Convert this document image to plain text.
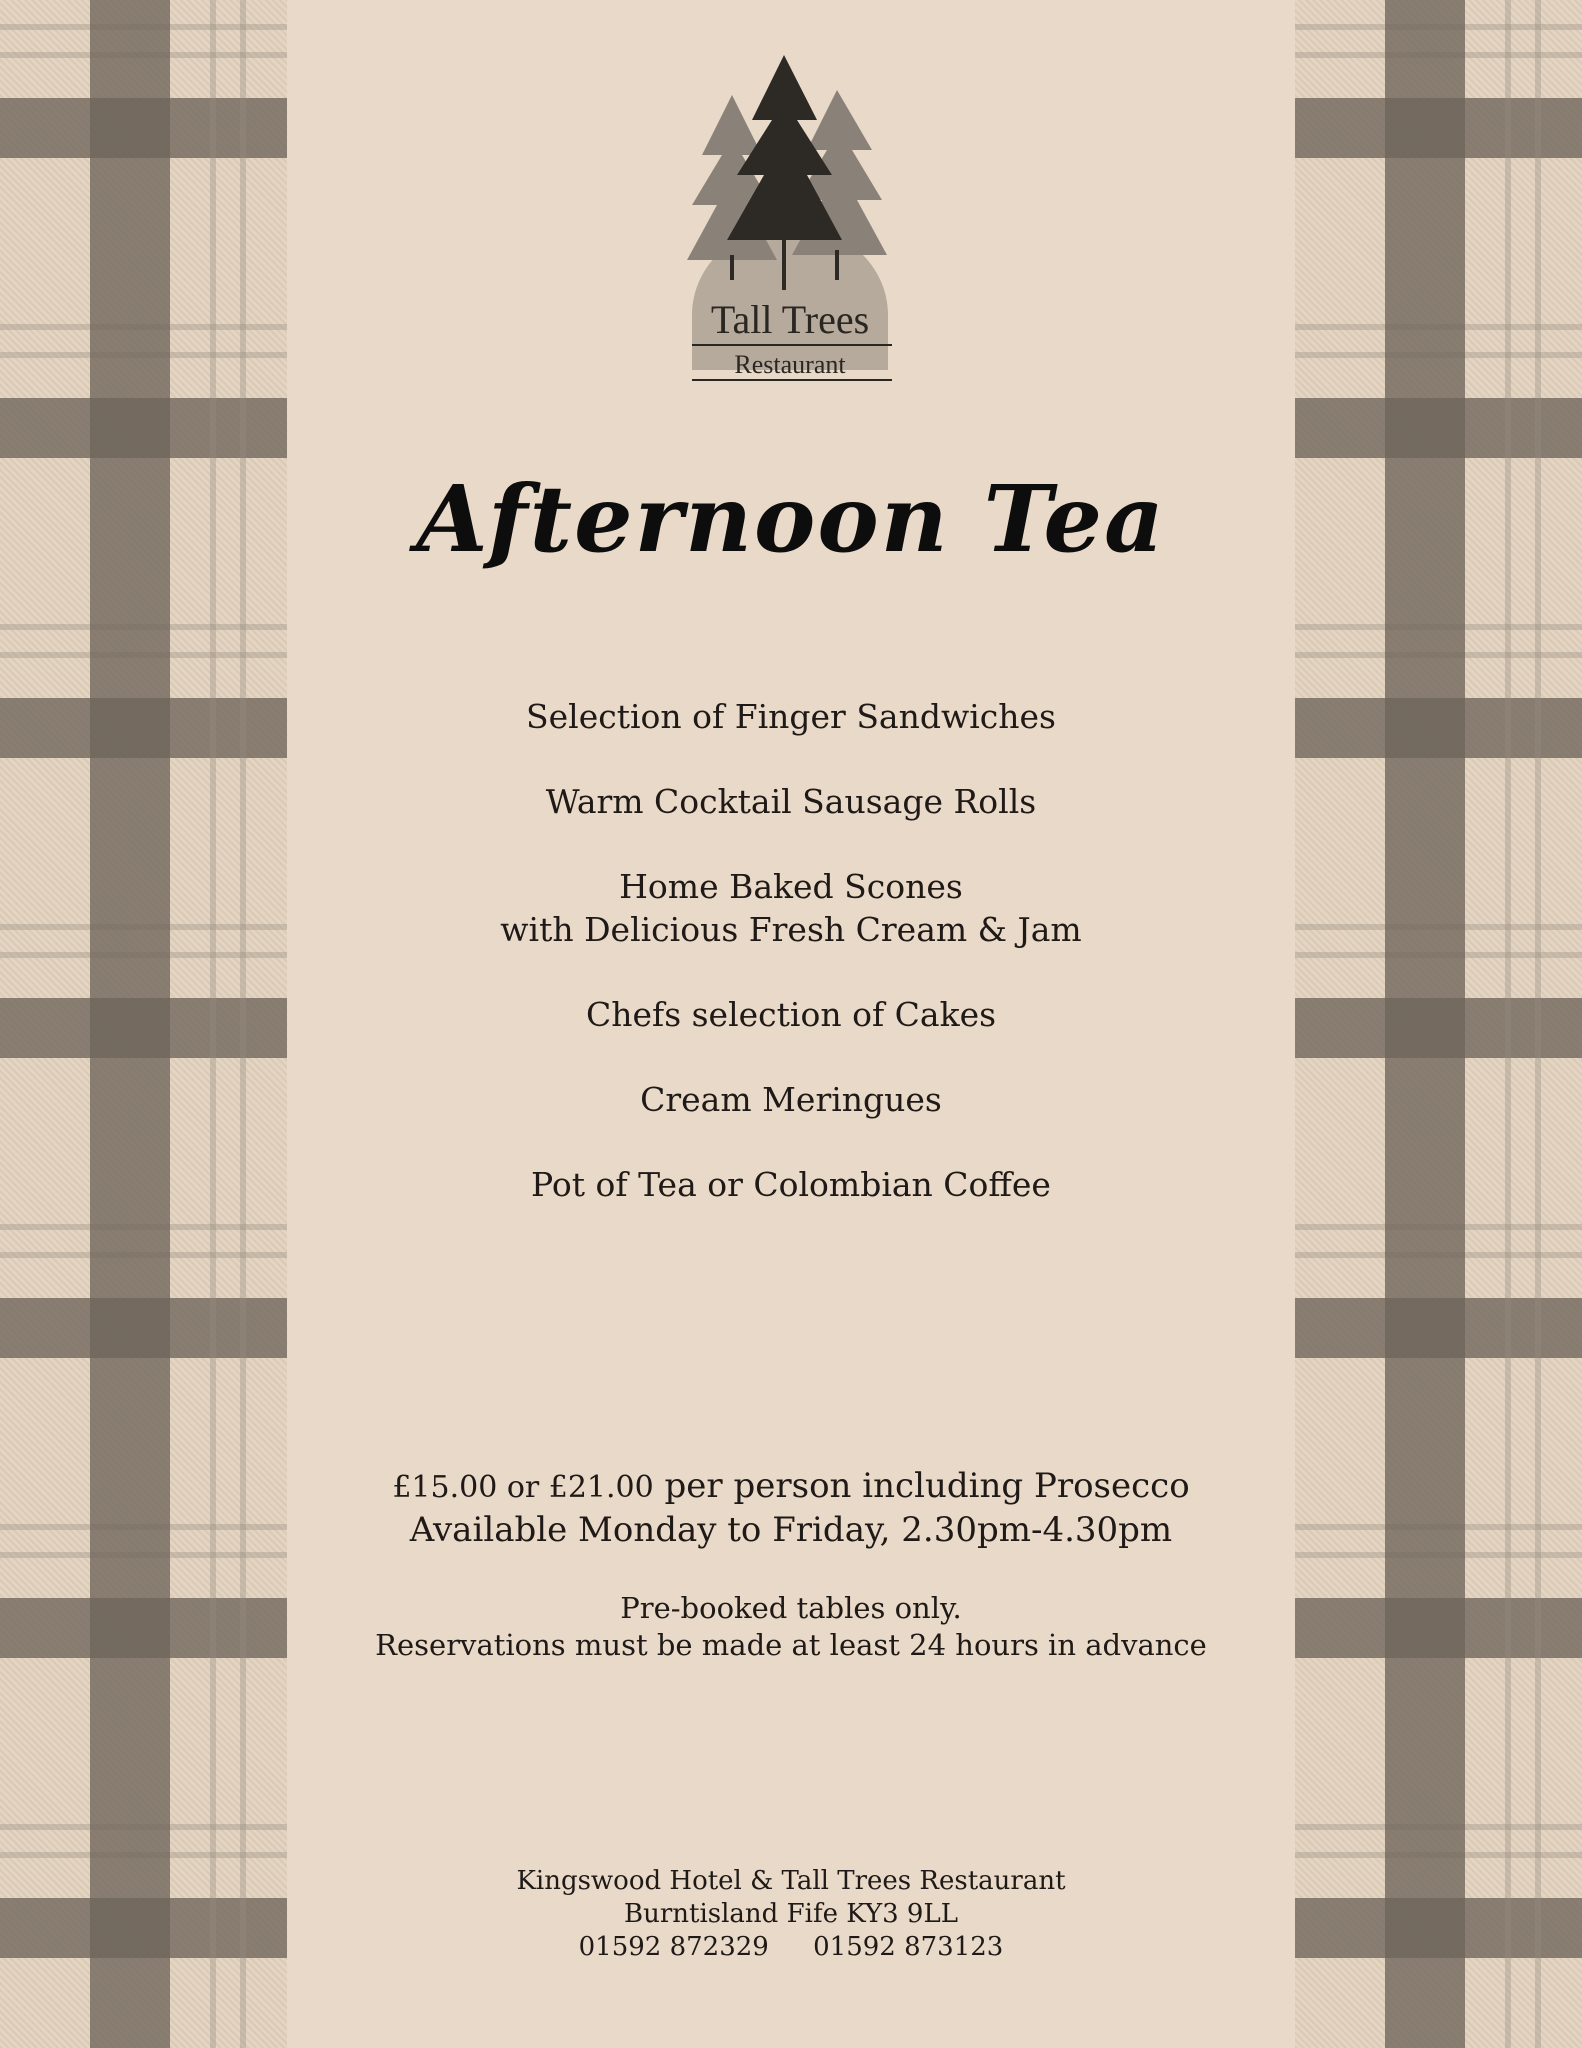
Tall Trees
Restaurant
Afternoon Tea
Selection of Finger Sandwiches
Warm Cocktail Sausage Rolls
Home Baked Scones
with Delicious Fresh Cream & Jam
Chefs selection of Cakes
Cream Meringues
Pot of Tea or Colombian Coffee
£15.00 or £21.00 per person including Prosecco
Available Monday to Friday, 2.30pm-4.30pm
Pre-booked tables only.
Reservations must be made at least 24 hours in advance
Kingswood Hotel & Tall Trees Restaurant
Burntisland Fife KY3 9LL
01592 872329 01592 873123
